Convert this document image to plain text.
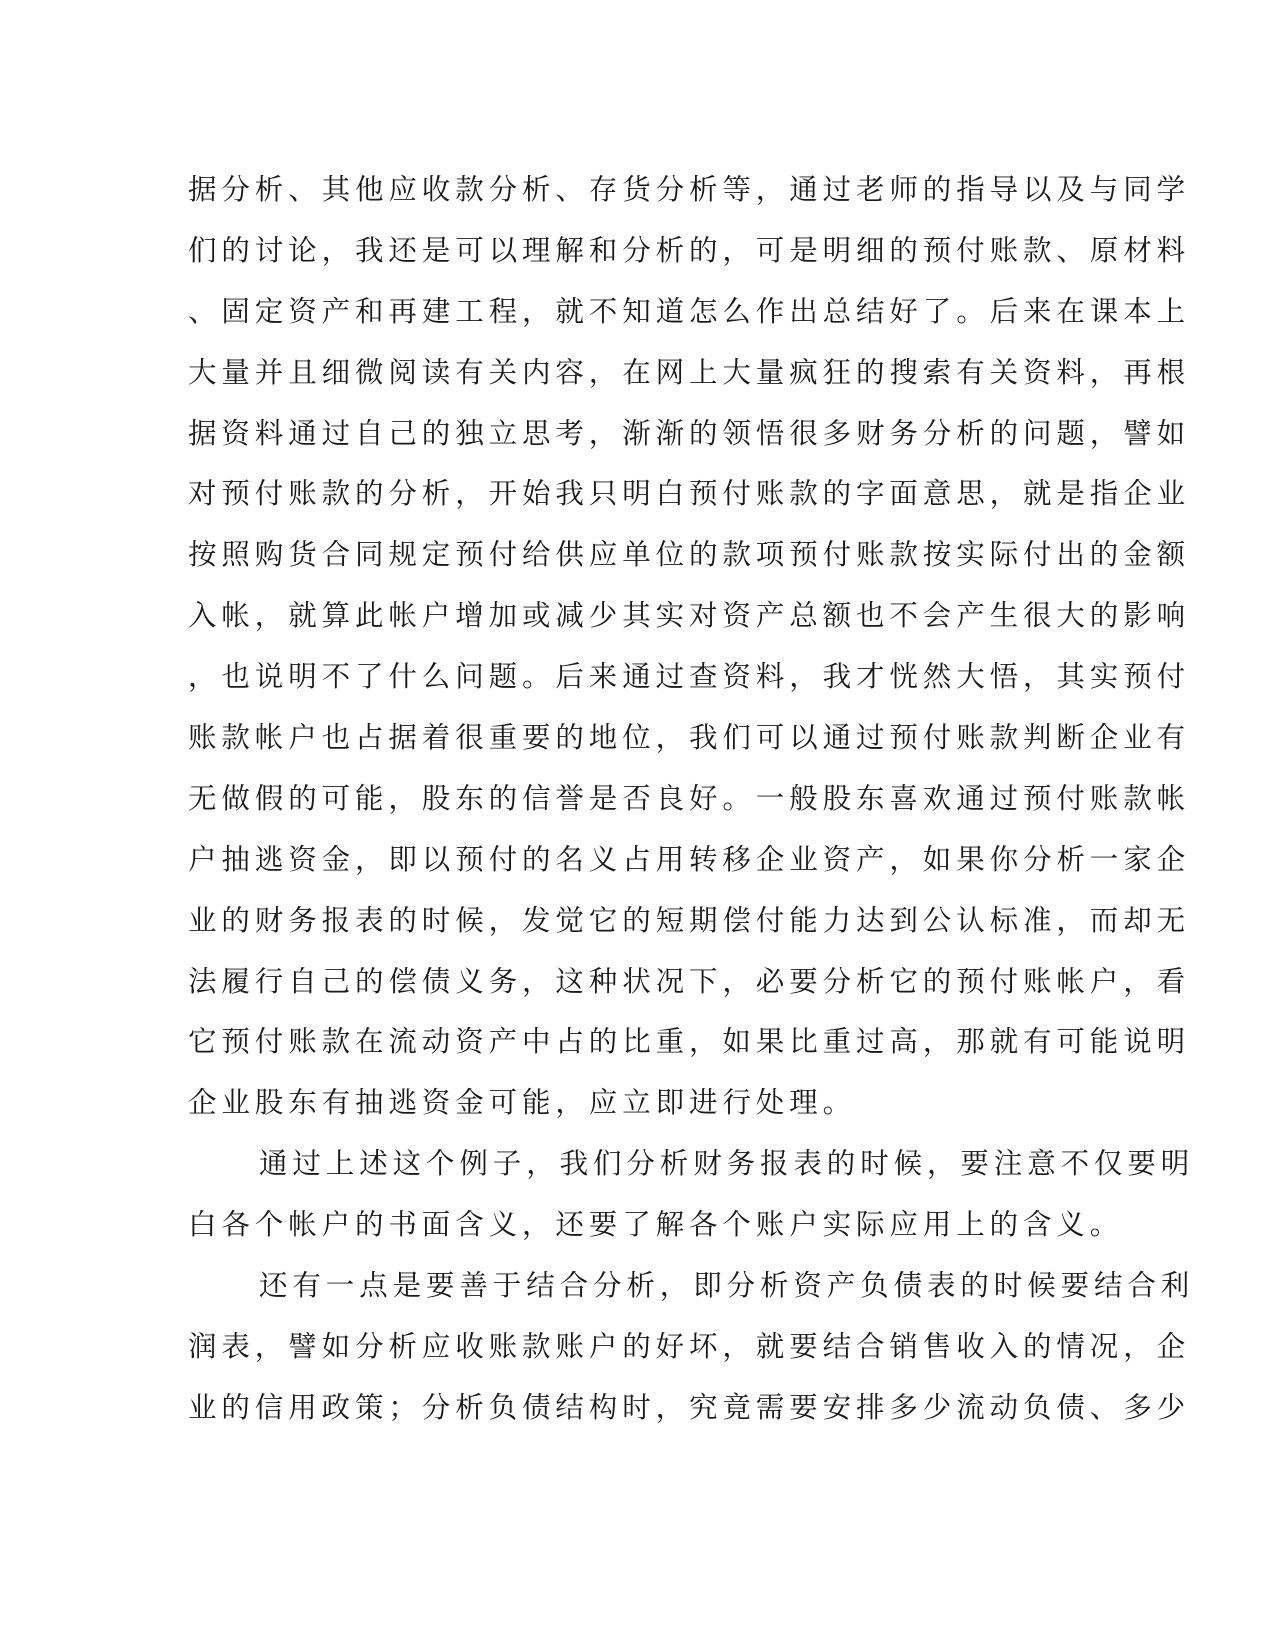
据分析、其他应收款分析、存货分析等，通过老师的指导以及与同学
们的讨论，我还是可以理解和分析的，可是明细的预付账款、原材料
、固定资产和再建工程，就不知道怎么作出总结好了。后来在课本上
大量并且细微阅读有关内容，在网上大量疯狂的搜索有关资料，再根
据资料通过自己的独立思考，渐渐的领悟很多财务分析的问题，譬如
对预付账款的分析，开始我只明白预付账款的字面意思，就是指企业
按照购货合同规定预付给供应单位的款项预付账款按实际付出的金额
入帐，就算此帐户增加或减少其实对资产总额也不会产生很大的影响
，也说明不了什么问题。后来通过查资料，我才恍然大悟，其实预付
账款帐户也占据着很重要的地位，我们可以通过预付账款判断企业有
无做假的可能，股东的信誉是否良好。一般股东喜欢通过预付账款帐
户抽逃资金，即以预付的名义占用转移企业资产，如果你分析一家企
业的财务报表的时候，发觉它的短期偿付能力达到公认标准，而却无
法履行自己的偿债义务，这种状况下，必要分析它的预付账帐户，看
它预付账款在流动资产中占的比重，如果比重过高，那就有可能说明
企业股东有抽逃资金可能，应立即进行处理。
通过上述这个例子，我们分析财务报表的时候，要注意不仅要明
白各个帐户的书面含义，还要了解各个账户实际应用上的含义。
还有一点是要善于结合分析，即分析资产负债表的时候要结合利
润表，譬如分析应收账款账户的好坏，就要结合销售收入的情况，企
业的信用政策；分析负债结构时，究竟需要安排多少流动负债、多少
